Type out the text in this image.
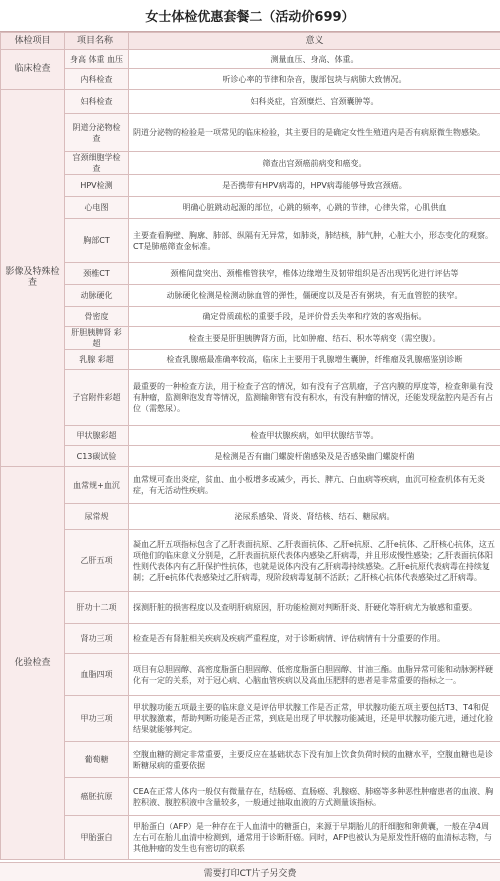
女士体检优惠套餐二（活动价699）
体检项目	项目名称	意义
临床检查	身高 体重 血压	测量血压、身高、体重。
	内科检查	听诊心率的节律和杂音，腹部包块与病肺大致情况。
影像及特殊检查	妇科检查	妇科炎症，宫颈糜烂、宫颈囊肿等。
	阴道分泌物检查	阴道分泌物的检验是一项常见的临床检验，其主要目的是确定女性生殖道内是否有病原微生物感染。
	宫颈细胞学检查	筛查出宫颈癌前病变和癌变。
	HPV检测	是否携带有HPV病毒的，HPV病毒能够导致宫颈癌。
	心电图	明确心脏跳动起源的部位，心跳的频率，心跳的节律，心律失常，心肌供血
	胸部CT	主要查看胸壁、胸廓、肺部、纵隔有无异常，如肺炎，肺结核，肺气肿，心脏大小，形态变化的观察。CT是肺癌筛查金标准。
	颈椎CT	颈椎间盘突出、颈椎椎管狭窄，椎体边缘增生及韧带组织是否出现钙化进行评估等
	动脉硬化	动脉硬化检测是检测动脉血管的弹性，僵硬度以及是否有粥块，有无血管腔的狭窄。
	骨密度	确定骨质疏松的重要手段，是评价骨丢失率和疗效的客观指标。
	肝胆胰脾肾 彩超	检查主要是肝胆胰脾肾方面，比如肿瘤、结石、积水等病变（需空腹）。
	乳腺 彩超	检查乳腺癌最准确率较高，临床上主要用于乳腺增生囊肿，纤维瘤及乳腺癌鉴别诊断
	子宫附件彩超	最重要的一种检查方法，用于检查子宫的情况，如有没有子宫肌瘤，子宫内膜的厚度等，检查卵巢有没有肿瘤，监测卵泡发育等情况，监测输卵管有没有积水，有没有肿瘤的情况，还能发现盆腔内是否有占位（需憋尿）。
	甲状腺彩超	检查甲状腺疾病，如甲状腺结节等。
	C13碳试验	是检测是否有幽门螺旋杆菌感染及是否感染幽门螺旋杆菌
化验检查	血常规+血沉	血常规可查出炎症，贫血、血小板增多或减少，再长、脾亢、白血病等疾病，血沉可检查机体有无炎症，有无活动性疾病。
	尿常规	泌尿系感染、肾炎、肾结核、结石、糖尿病。
	乙肝五项	凝血乙肝五项指标包含了乙肝表面抗原、乙肝表面抗体、乙肝e抗原、乙肝e抗体、乙肝核心抗体，这五项他们的临床意义分别是，乙肝表面抗原代表体内感染乙肝病毒，并且形成慢性感染；乙肝表面抗体阳性则代表体内有乙肝保护性抗体，也就是说体内没有乙肝病毒持续感染。乙肝e抗原代表病毒在持续复制；乙肝e抗体代表感染过乙肝病毒，现阶段病毒复制不活跃；乙肝核心抗体代表感染过乙肝病毒。
	肝功十二项	探测肝脏的损害程度以及查明肝病原因，肝功能检测对判断肝炎、肝硬化等肝病尤为敏感和重要。
	肾功三项	检查是否有肾脏相关疾病及疾病严重程度，对于诊断病情、评估病情有十分重要的作用。
	血脂四项	项目有总胆固醇、高密度脂蛋白胆固醇、低密度脂蛋白胆固醇、甘油三酯。血脂异常可能和动脉粥样硬化有一定的关系，对于冠心病、心脑血管疾病以及高血压肥胖的患者是非常重要的指标之一。
	甲功三项	甲状腺功能五项最主要的临床意义是评估甲状腺工作是否正常，甲状腺功能五项主要包括T3、T4和促甲状腺激素，帮助判断功能是否正常，到底是出现了甲状腺功能减退，还是甲状腺功能亢进，通过化验结果就能够判定。
	葡萄糖	空腹血糖的测定非常重要，主要反应在基础状态下没有加上饮食负荷时候的血糖水平，空腹血糖也是诊断糖尿病的重要依据
	癌胚抗原	CEA在正常人体内一般仅有微量存在，结肠癌、直肠癌、乳腺癌、肺癌等多种恶性肿瘤患者的血液、胸腔积液、腹腔积液中含量较多，一般通过抽取血液的方式测量该指标。
	甲胎蛋白	甲胎蛋白（AFP）是一种存在于人血清中的糖蛋白，来源于早期胎儿的肝细胞和卵黄囊，一般在孕4周左右可在胎儿血清中检测到，通常用于诊断肝癌。同时，AFP也被认为是原发性肝癌的血清标志物，与其他肿瘤的发生也有密切的联系
需要打印CT片子另交费
